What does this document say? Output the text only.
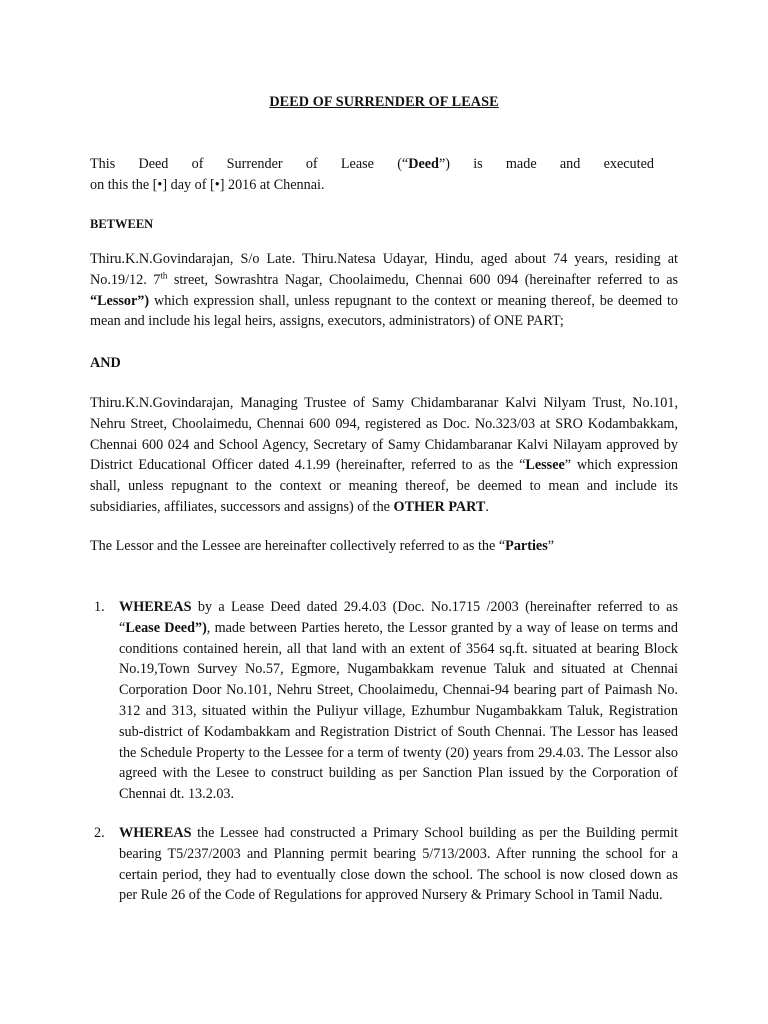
DEED OF SURRENDER OF LEASE
This Deed of Surrender of Lease (“Deed”) is made and executed
on this the [•] day of [•] 2016 at Chennai.
BETWEEN
Thiru.K.N.Govindarajan, S/o Late. Thiru.Natesa Udayar, Hindu, aged about 74 years, residing at No.19/12. 7th street, Sowrashtra Nagar, Choolaimedu, Chennai 600 094 (hereinafter referred to as “Lessor”) which expression shall, unless repugnant to the context or meaning thereof, be deemed to mean and include his legal heirs, assigns, executors, administrators) of ONE PART;
AND
Thiru.K.N.Govindarajan, Managing Trustee of Samy Chidambaranar Kalvi Nilyam Trust, No.101, Nehru Street, Choolaimedu, Chennai 600 094, registered as Doc. No.323/03 at SRO Kodambakkam, Chennai 600 024 and School Agency, Secretary of Samy Chidambaranar Kalvi Nilayam approved by District Educational Officer dated 4.1.99 (hereinafter, referred to as the “Lessee” which expression shall, unless repugnant to the context or meaning thereof, be deemed to mean and include its subsidiaries, affiliates, successors and assigns) of the OTHER PART.
The Lessor and the Lessee are hereinafter collectively referred to as the “Parties”
1.	WHEREAS by a Lease Deed dated 29.4.03 (Doc. No.1715 /2003 (hereinafter referred to as “Lease Deed”), made between Parties hereto, the Lessor granted by a way of lease on terms and conditions contained herein, all that land with an extent of 3564 sq.ft. situated at bearing Block No.19,Town Survey No.57, Egmore, Nugambakkam revenue Taluk and situated at Chennai Corporation Door No.101, Nehru Street, Choolaimedu, Chennai-94 bearing part of Paimash No. 312 and 313, situated within the Puliyur village, Ezhumbur Nugambakkam Taluk, Registration sub-district of Kodambakkam and Registration District of South Chennai. The Lessor has leased the Schedule Property to the Lessee for a term of twenty (20) years from 29.4.03. The Lessor also agreed with the Lesee to construct building as per Sanction Plan issued by the Corporation of Chennai dt. 13.2.03.
2.	WHEREAS the Lessee had constructed a Primary School building as per the Building permit bearing T5/237/2003 and Planning permit bearing 5/713/2003. After running the school for a certain period, they had to eventually close down the school. The school is now closed down as per Rule 26 of the Code of Regulations for approved Nursery & Primary School in Tamil Nadu.
